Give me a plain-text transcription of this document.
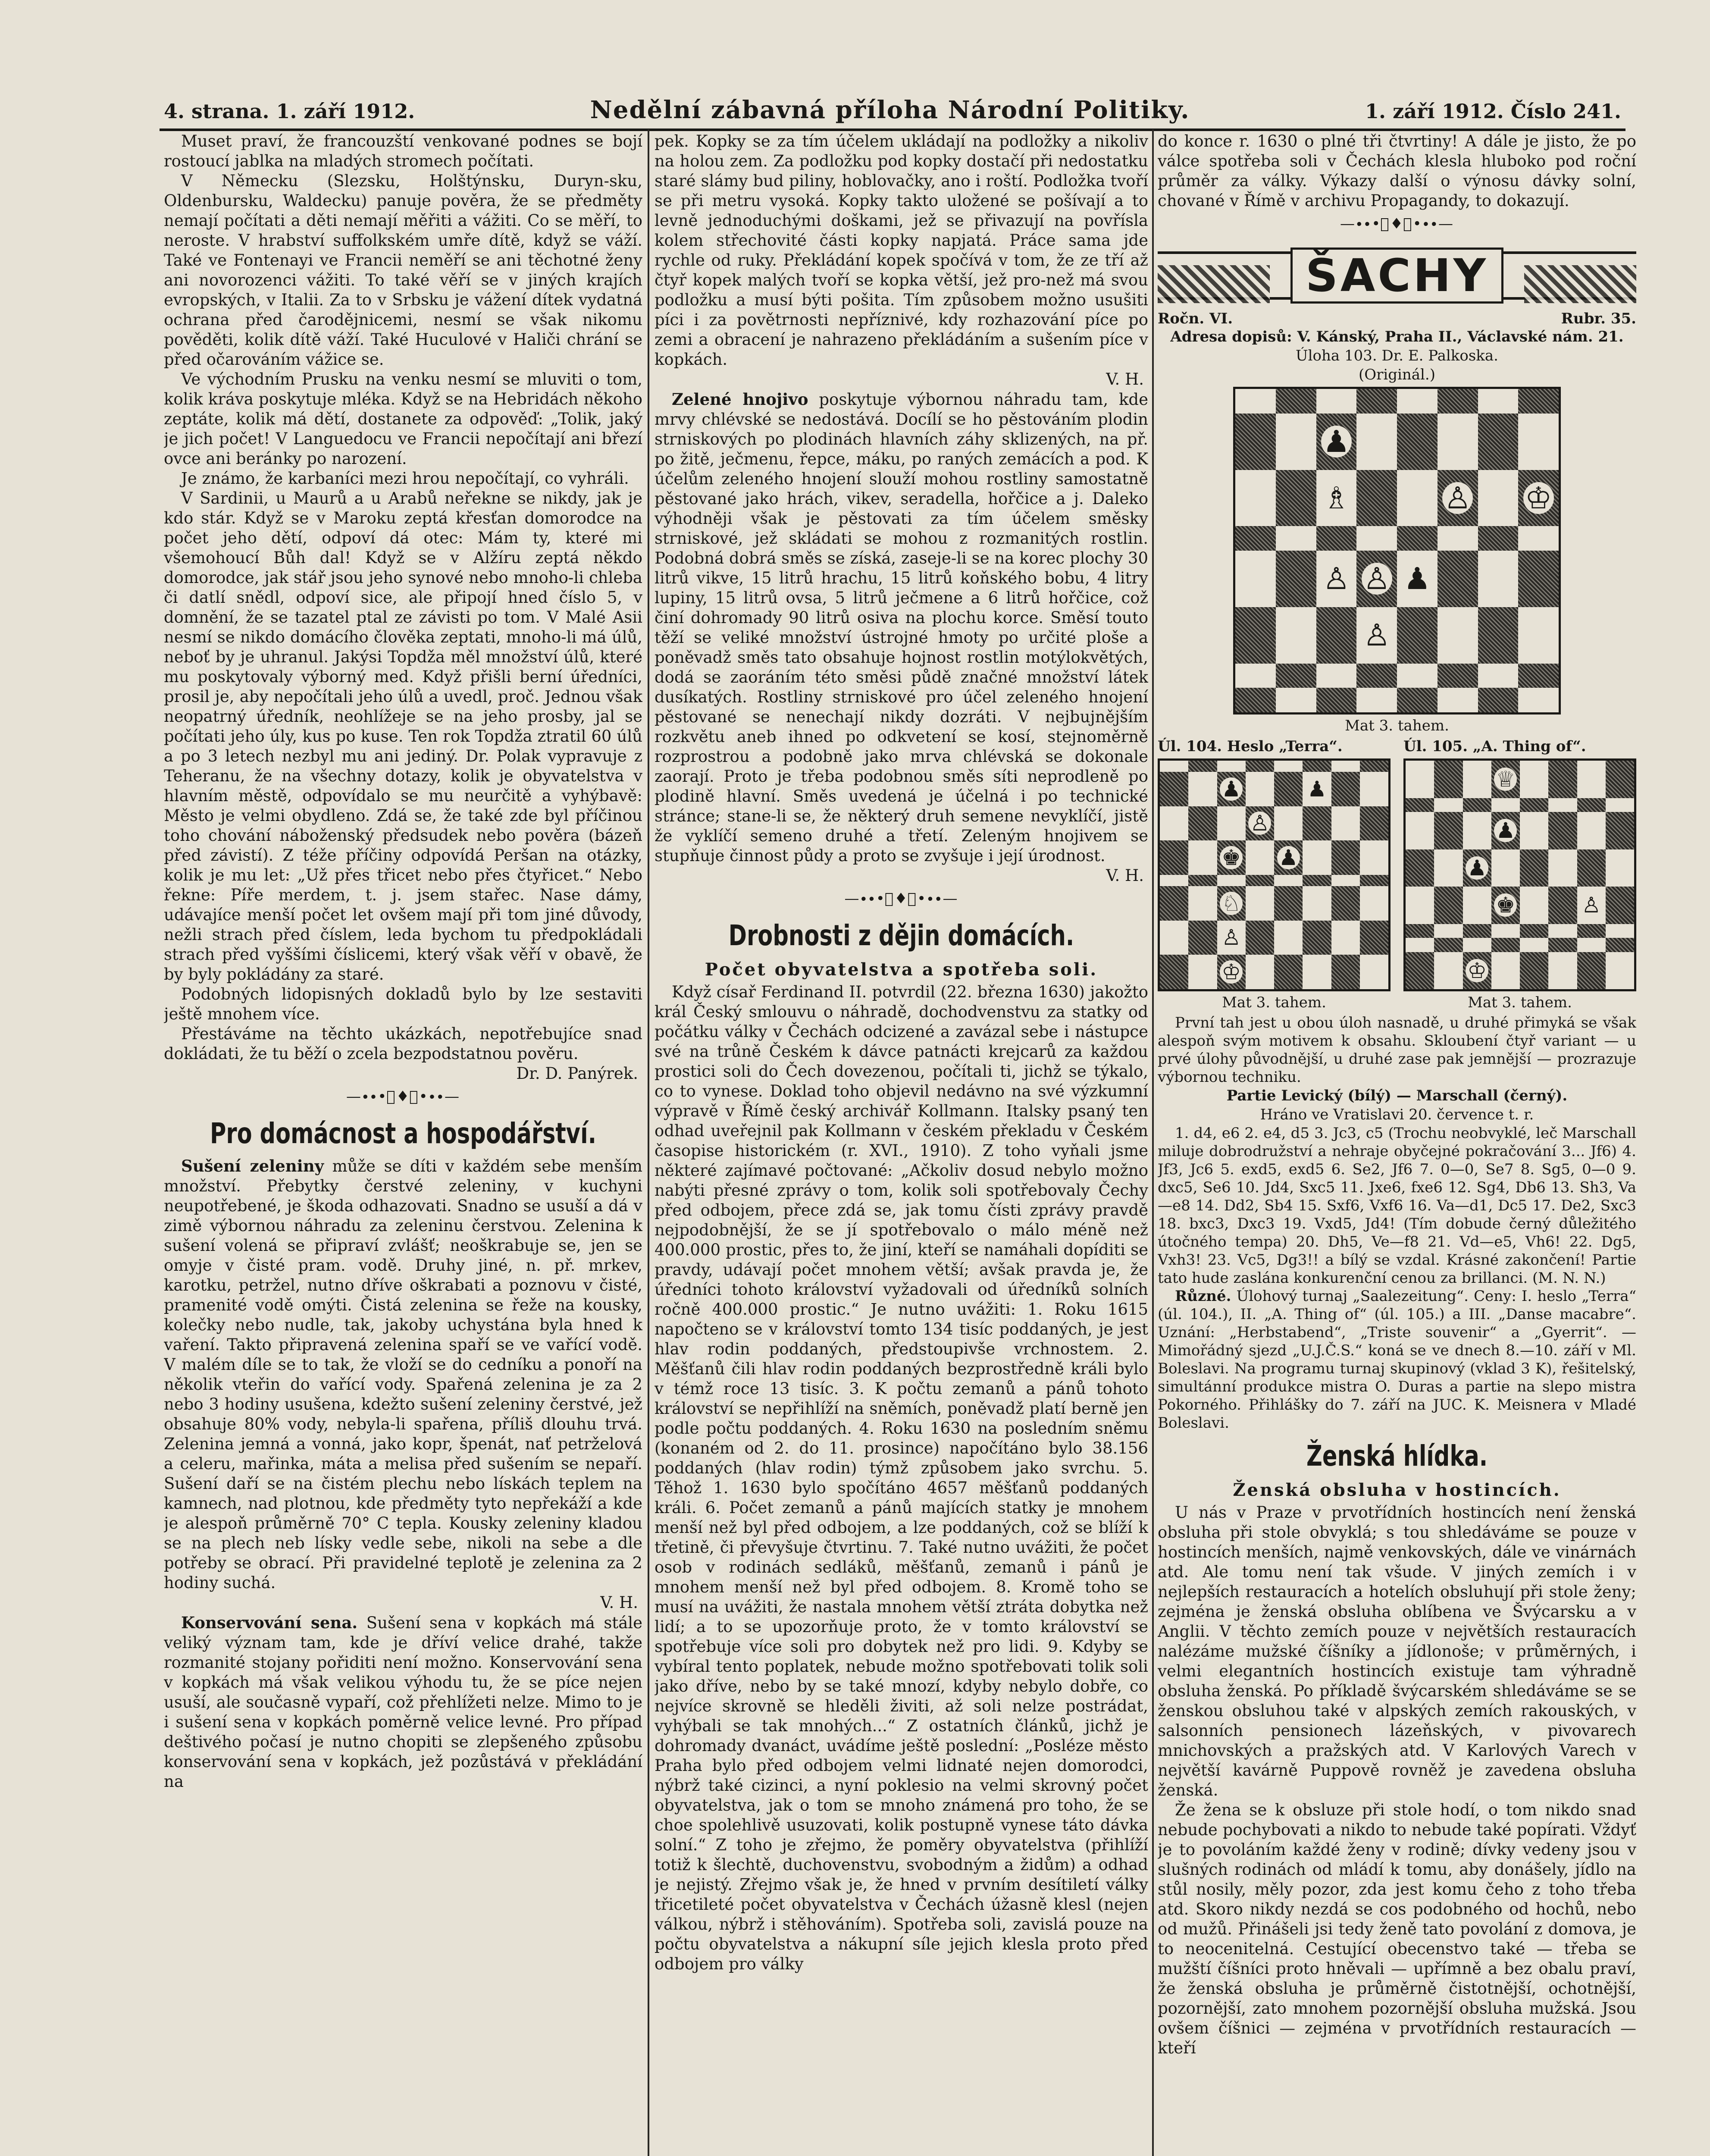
4. strana. 1. září 1912.	Nedělní zábavná příloha Národní Politiky.	1. září 1912. Číslo 241.

Muset praví, že francouzští venkované podnes se bojí rostoucí jablka na mladých stromech počítati.

V Německu (Slezsku, Holštýnsku, Duryn-sku, Oldenbursku, Waldecku) panuje pověra, že se předměty nemají počítati a děti nemají měřiti a vážiti. Co se měří, to neroste. V hrabství suffolkském umře dítě, když se váží. Také ve Fontenayi ve Francii neměří se ani těchotné ženy ani novorozenci vážiti. To také věří se v jiných krajích evropských, v Italii. Za to v Srbsku je vážení dítek vydatná ochrana před čarodějnicemi, nesmí se však nikomu pověděti, kolik dítě váží. Také Huculové v Haliči chrání se před očarováním vážice se.

Ve východním Prusku na venku nesmí se mluviti o tom, kolik kráva poskytuje mléka. Když se na Hebridách někoho zeptáte, kolik má dětí, dostanete za odpověď: „Tolik, jaký je jich počet! V Languedocu ve Francii nepočítají ani březí ovce ani beránky po narození.

Je známo, že karbaníci mezi hrou nepočítají, co vyhráli.

V Sardinii, u Maurů a u Arabů neřekne se nikdy, jak je kdo stár. Když se v Maroku zeptá křesťan domorodce na počet jeho dětí, odpoví dá otec: Mám ty, které mi všemohoucí Bůh dal! Když se v Alžíru zeptá někdo domorodce, jak stář jsou jeho synové nebo mnoho-li chleba či datlí snědl, odpoví sice, ale připojí hned číslo 5, v domnění, že se tazatel ptal ze závisti po tom. V Malé Asii nesmí se nikdo domácího člověka zeptati, mnoho-li má úlů, neboť by je uhranul. Jakýsi Topdža měl množství úlů, které mu poskytovaly výborný med. Když přišli berní úředníci, prosil je, aby nepočítali jeho úlů a uvedl, proč. Jednou však neopatrný úředník, neohlížeje se na jeho prosby, jal se počítati jeho úly, kus po kuse. Ten rok Topdža ztratil 60 úlů a po 3 letech nezbyl mu ani jediný. Dr. Polak vypravuje z Teheranu, že na všechny dotazy, kolik je obyvatelstva v hlavním městě, odpovídalo se mu neurčitě a vyhýbavě: Město je velmi obydleno. Zdá se, že také zde byl příčinou toho chování náboženský předsudek nebo pověra (bázeň před závistí). Z téže příčiny odpovídá Peršan na otázky, kolik je mu let: „Už přes třicet nebo přes čtyřicet.“ Nebo řekne: Píře merdem, t. j. jsem stařec. Nase dámy, udávajíce menší počet let ovšem mají při tom jiné důvody, nežli strach před číslem, leda bychom tu předpokládali strach před vyššími číslicemi, který však věří v obavě, že by byly pokládány za staré.

Podobných lidopisných dokladů bylo by lze sestaviti ještě mnohem více.

Přestáváme na těchto ukázkách, nepotřebujíce snad dokládati, že tu běží o zcela bezpodstatnou pověru.

Dr. D. Panýrek.
—∙∙•ﾟ♦ﾟ•∙∙—
Pro domácnost a hospodářství.

Sušení zeleniny může se díti v každém sebe menším množství. Přebytky čerstvé zeleniny, v kuchyni neupotřebené, je škoda odhazovati. Snadno se usuší a dá v zimě výbornou náhradu za zeleninu čerstvou. Zelenina k sušení volená se připraví zvlášť; neoškrabuje se, jen se omyje v čisté pram. vodě. Druhy jiné, n. př. mrkev, karotku, petržel, nutno dříve oškrabati a poznovu v čisté, pramenité vodě omýti. Čistá zelenina se řeže na kousky, kolečky nebo nudle, tak, jakoby uchystána byla hned k vaření. Takto připravená zelenina spaří se ve vařící vodě. V malém díle se to tak, že vloží se do cedníku a ponoří na několik vteřin do vařící vody. Spařená zelenina je za 2 nebo 3 hodiny usušena, kdežto sušení zeleniny čerstvé, jež obsahuje 80% vody, nebyla-li spařena, příliš dlouhu trvá. Zelenina jemná a vonná, jako kopr, špenát, nať petrželová a celeru, mařinka, máta a melisa před sušením se nepaří. Sušení daří se na čistém plechu nebo lískách teplem na kamnech, nad plotnou, kde předměty tyto nepřekáží a kde je alespoň průměrně 70° C tepla. Kousky zeleniny kladou se na plech neb lísky vedle sebe, nikoli na sebe a dle potřeby se obrací. Při pravidelné teplotě je zelenina za 2 hodiny suchá.

V. H.

Konservování sena. Sušení sena v kopkách má stále veliký význam tam, kde je dříví velice drahé, takže rozmanité stojany pořiditi není možno. Konservování sena v kopkách má však velikou výhodu tu, že se píce nejen usuší, ale současně vypaří, což přehlížeti nelze. Mimo to je i sušení sena v kopkách poměrně velice levné. Pro případ deštivého počasí je nutno chopiti se zlepšeného způsobu konservování sena v kopkách, jež pozůstává v překládání na

pek. Kopky se za tím účelem ukládají na podložky a nikoliv na holou zem. Za podložku pod kopky dostačí při nedostatku staré slámy bud piliny, hoblovačky, ano i roští. Podložka tvoří se při metru vysoká. Kopky takto uložené se pošívají a to levně jednoduchými doškami, jež se přivazují na povřísla kolem střechovité části kopky napjatá. Práce sama jde rychle od ruky. Překládání kopek spočívá v tom, že ze tří až čtyř kopek malých tvoří se kopka větší, jež pro-než má svou podložku a musí býti pošita. Tím způsobem možno usušiti píci i za povětrnosti nepříznivé, kdy rozhazování píce po zemi a obracení je nahrazeno překládáním a sušením píce v kopkách.

V. H.

Zelené hnojivo poskytuje výbornou náhradu tam, kde mrvy chlévské se nedostává. Docílí se ho pěstováním plodin strniskových po plodinách hlavních záhy sklizených, na př. po žitě, ječmenu, řepce, máku, po raných zemácích a pod. K účelům zeleného hnojení slouží mohou rostliny samostatně pěstované jako hrách, vikev, seradella, hořčice a j. Daleko výhodněji však je pěstovati za tím účelem směsky strniskové, jež skládati se mohou z rozmanitých rostlin. Podobná dobrá směs se získá, zaseje-li se na korec plochy 30 litrů vikve, 15 litrů hrachu, 15 litrů koňského bobu, 4 litry lupiny, 15 litrů ovsa, 5 litrů ječmene a 6 litrů hořčice, což činí dohromady 90 litrů osiva na plochu korce. Směsí touto těží se veliké množství ústrojné hmoty po určité ploše a poněvadž směs tato obsahuje hojnost rostlin motýlokvětých, dodá se zaoráním této směsi půdě značné množství látek dusíkatých. Rostliny strniskové pro účel zeleného hnojení pěstované se nenechají nikdy dozráti. V nejbujnějším rozkvětu aneb ihned po odkvetení se kosí, stejnoměrně rozprostrou a podobně jako mrva chlévská se dokonale zaorají. Proto je třeba podobnou směs síti neprodleně po plodině hlavní. Směs uvedená je účelná i po technické stránce; stane-li se, že některý druh semene nevyklíčí, jistě že vyklíčí semeno druhé a třetí. Zeleným hnojivem se stupňuje činnost půdy a proto se zvyšuje i její úrodnost.

V. H.
—∙∙•ﾟ♦ﾟ•∙∙—
Drobnosti z dějin domácích.
Počet obyvatelstva a spotřeba soli.

Když císař Ferdinand II. potvrdil (22. března 1630) jakožto král Český smlouvu o náhradě, dochodvenstvu za statky od počátku války v Čechách odcizené a zavázal sebe i nástupce své na trůně Českém k dávce patnácti krejcarů za každou prostici soli do Čech dovezenou, počítali ti, jichž se týkalo, co to vynese. Doklad toho objevil nedávno na své výzkumní výpravě v Římě český archivář Kollmann. Italsky psaný ten odhad uveřejnil pak Kollmann v českém překladu v Českém časopise historickém (r. XVI., 1910). Z toho vyňali jsme některé zajímavé počtované: „Ačkoliv dosud nebylo možno nabýti přesné zprávy o tom, kolik soli spotřebovaly Čechy před odbojem, přece zdá se, jak tomu čísti zprávy pravdě nejpodobnější, že se jí spotřebovalo o málo méně než 400.000 prostic, přes to, že jiní, kteří se namáhali dopíditi se pravdy, udávají počet mnohem větší; avšak pravda je, že úředníci tohoto království vyžadovali od úředníků solních ročně 400.000 prostic.“ Je nutno uvážiti: 1. Roku 1615 napočteno se v království tomto 134 tisíc poddaných, je jest hlav rodin poddaných, předstoupivše vrchnostem. 2. Měšťanů čili hlav rodin poddaných bezprostředně králi bylo v témž roce 13 tisíc. 3. K počtu zemanů a pánů tohoto království se nepřihlíží na sněmích, poněvadž platí berně jen podle počtu poddaných. 4. Roku 1630 na posledním sněmu (konaném od 2. do 11. prosince) napočítáno bylo 38.156 poddaných (hlav rodin) týmž způsobem jako svrchu. 5. Těhož 1. 1630 bylo spočítáno 4657 měšťanů poddaných králi. 6. Počet zemanů a pánů majících statky je mnohem menší než byl před odbojem, a lze poddaných, což se blíží k třetině, či převyšuje čtvrtinu. 7. Také nutno uvážiti, že počet osob v rodinách sedláků, měšťanů, zemanů i pánů je mnohem menší než byl před odbojem. 8. Kromě toho se musí na uvážiti, že nastala mnohem větší ztráta dobytka než lidí; a to se upozorňuje proto, že v tomto království se spotřebuje více soli pro dobytek než pro lidi. 9. Kdyby se vybíral tento poplatek, nebude možno spotřebovati tolik soli jako dříve, nebo by se také mnozí, kdyby nebylo dobře, co nejvíce skrovně se hleděli živiti, až soli nelze postrádat, vyhýbali se tak mnohých...“ Z ostatních článků, jichž je dohromady dvanáct, uvádíme ještě poslední: „Posléze město Praha bylo před odbojem velmi lidnaté nejen domorodci, nýbrž také cizinci, a nyní poklesio na velmi skrovný počet obyvatelstva, jak o tom se mnoho známená pro toho, že se choe spolehlivě usuzovati, kolik postupně vynese táto dávka solní.“ Z toho je zřejmo, že poměry obyvatelstva (přihlíží totiž k šlechtě, duchovenstvu, svobodným a židům) a odhad je nejistý. Zřejmo však je, že hned v prvním desítiletí války třicetileté počet obyvatelstva v Čechách úžasně klesl (nejen válkou, nýbrž i stěhováním). Spotřeba soli, zavislá pouze na počtu obyvatelstva a nákupní síle jejich klesla proto před odbojem pro války

do konce r. 1630 o plné tři čtvrtiny! A dále je jisto, že po válce spotřeba soli v Čechách klesla hluboko pod roční průměr za války. Výkazy další o výnosu dávky solní, chované v Římě v archivu Propagandy, to dokazují.

—∙∙•ﾟ♦ﾟ•∙∙—
ŠACHY
Ročn. VI.	Rubr. 35.
Adresa dopisů: V. Kánský, Praha II., Václavské nám. 21.
Úloha 103. Dr. E. Palkoska.
(Originál.)
♟
♗	♙ ♔
♙ ♙ ♟
♙
Mat 3. tahem.
Úl. 104. Heslo „Terra“.
♟	♟
♙
♚ ♟
♘
♙
♔
Mat 3. tahem.
Úl. 105. „A. Thing of“.
♕
♟
♟
♚	♙
♔
Mat 3. tahem.

První tah jest u obou úloh nasnadě, u druhé přimyká se však alespoň svým motivem k obsahu. Skloubení čtyř variant — u prvé úlohy původnější, u druhé zase pak jemnější — prozrazuje výbornou techniku.

Partie Levický (bílý) — Marschall (černý).
Hráno ve Vratislavi 20. července t. r.

1. d4, e6 2. e4, d5 3. Jc3, c5 (Trochu neobvyklé, leč Marschall miluje dobrodružství a nehraje obyčejné pokračování 3... Jf6) 4. Jf3, Jc6 5. exd5, exd5 6. Se2, Jf6 7. 0—0, Se7 8. Sg5, 0—0 9. dxc5, Se6 10. Jd4, Sxc5 11. Jxe6, fxe6 12. Sg4, Db6 13. Sh3, Va—e8 14. Dd2, Sb4 15. Sxf6, Vxf6 16. Va—d1, Dc5 17. De2, Sxc3 18. bxc3, Dxc3 19. Vxd5, Jd4! (Tím dobude černý důležitého útočného tempa) 20. Dh5, Ve—f8 21. Vd—e5, Vh6! 22. Dg5, Vxh3! 23. Vc5, Dg3!! a bílý se vzdal. Krásné zakončení! Partie tato hude zaslána konkurenční cenou za brillanci. (M. N. N.)

Různé. Úlohový turnaj „Saalezeitung“. Ceny: I. heslo „Terra“ (úl. 104.), II. „A. Thing of“ (úl. 105.) a III. „Danse macabre“. Uznání: „Herbstabend“, „Triste souvenir“ a „Gyerrit“. — Mimořádný sjezd „U.J.Č.S.“ koná se ve dnech 8.—10. září v Ml. Boleslavi. Na programu turnaj skupinový (vklad 3 K), řešitelský, simultánní produkce mistra O. Duras a partie na slepo mistra Pokorného. Přihlášky do 7. září na JUC. K. Meisnera v Mladé Boleslavi.

Ženská hlídka.
Ženská obsluha v hostincích.

U nás v Praze v prvotřídních hostincích není ženská obsluha při stole obvyklá; s tou shledáváme se pouze v hostincích menších, najmě venkovských, dále ve vinárnách atd. Ale tomu není tak všude. V jiných zemích i v nejlepších restauracích a hotelích obsluhují při stole ženy; zejména je ženská obsluha oblíbena ve Švýcarsku a v Anglii. V těchto zemích pouze v největších restauracích nalézáme mužské číšníky a jídlonoše; v průměrných, i velmi elegantních hostincích existuje tam výhradně obsluha ženská. Po příkladě švýcarském shledáváme se se ženskou obsluhou také v alpských zemích rakouských, v salsonních pensionech lázeňských, v pivovarech mnichovských a pražských atd. V Karlových Varech v největší kavárně Puppově rovněž je zavedena obsluha ženská.

Že žena se k obsluze při stole hodí, o tom nikdo snad nebude pochybovati a nikdo to nebude také popírati. Vždyť je to povoláním každé ženy v rodině; dívky vedeny jsou v slušných rodinách od mládí k tomu, aby donášely, jídlo na stůl nosily, měly pozor, zda jest komu čeho z toho třeba atd. Skoro nikdy nezdá se cos podobného od hochů, nebo od mužů. Přinášeli jsi tedy ženě tato povolání z domova, je to neocenitelná. Cestující obecenstvo také — třeba se mužští číšníci proto hněvali — upřímně a bez obalu praví, že ženská obsluha je průměrně čistotnější, ochotnější, pozornější, zato mnohem pozornější obsluha mužská. Jsou ovšem číšnici — zejména v prvotřídních restauracích — kteří
